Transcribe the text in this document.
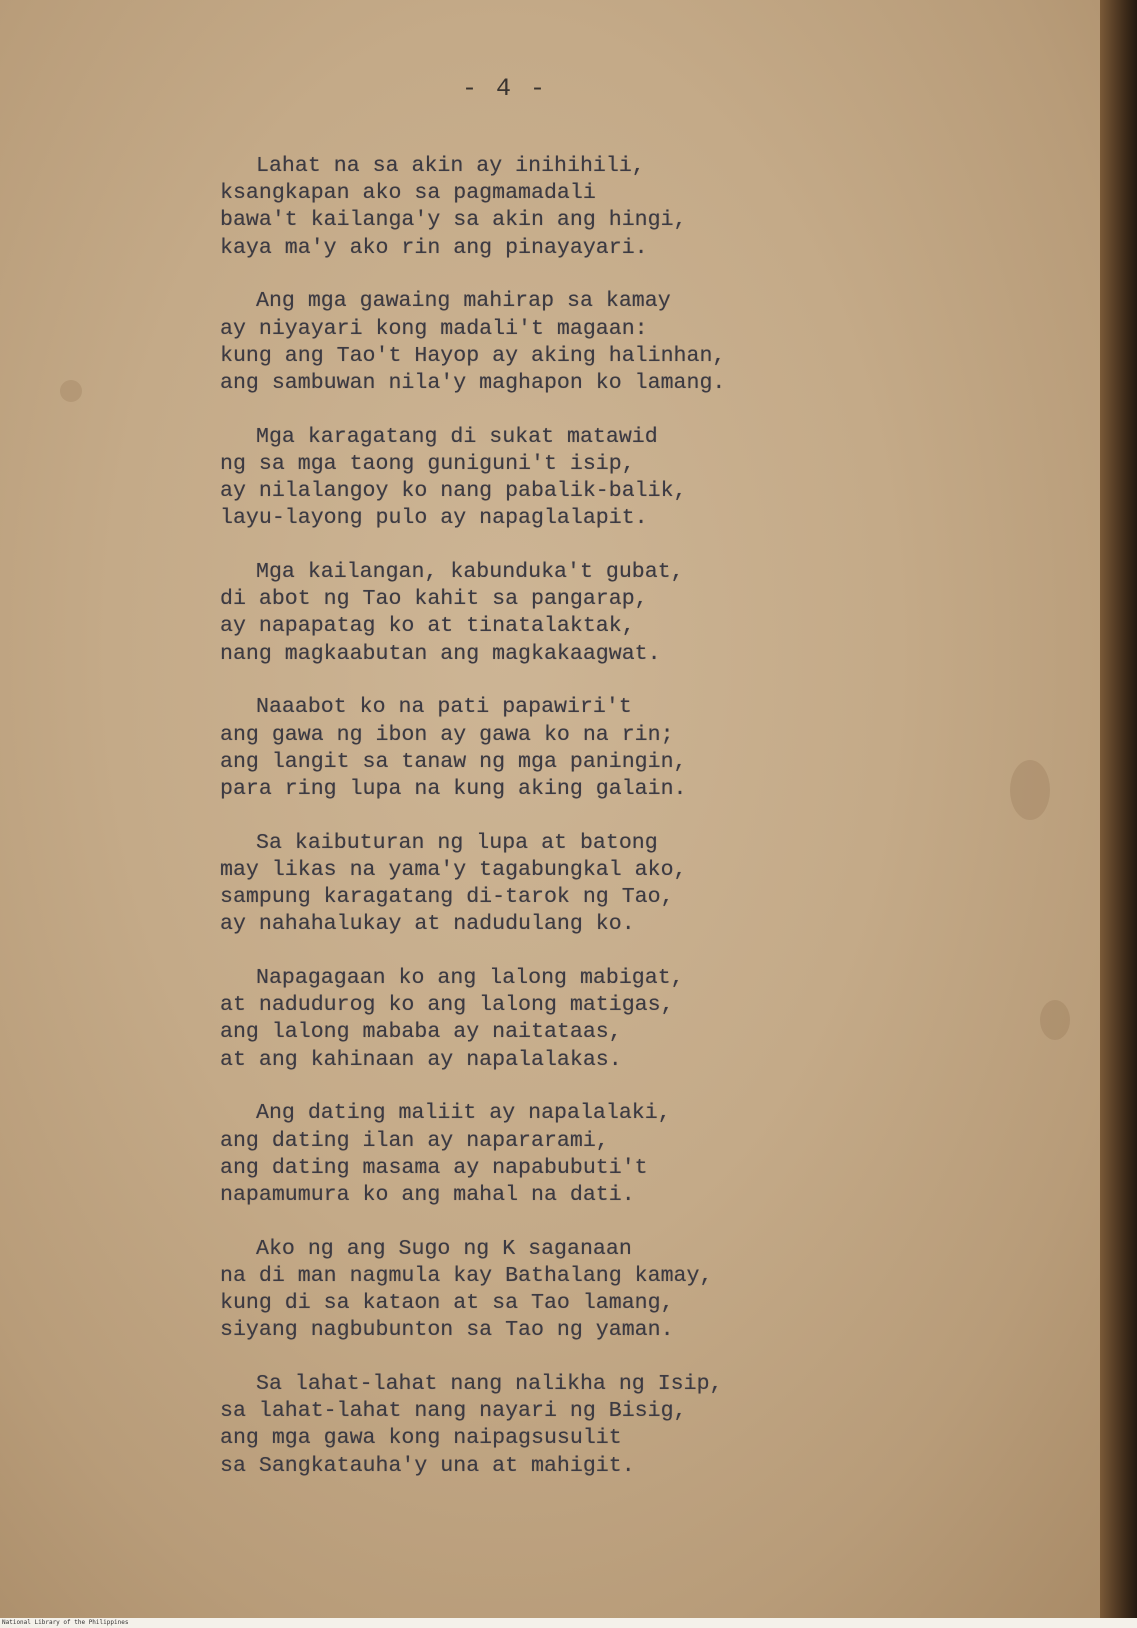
- 4 -
Lahat na sa akin ay inihihili,
ksangkapan ako sa pagmamadali
bawa't kailanga'y sa akin ang hingi,
kaya ma'y ako rin ang pinayayari.
Ang mga gawaing mahirap sa kamay
ay niyayari kong madali't magaan:
kung ang Tao't Hayop ay aking halinhan,
ang sambuwan nila'y maghapon ko lamang.
Mga karagatang di sukat matawid
ng sa mga taong guniguni't isip,
ay nilalangoy ko nang pabalik-balik,
layu-layong pulo ay napaglalapit.
Mga kailangan, kabunduka't gubat,
di abot ng Tao kahit sa pangarap,
ay napapatag ko at tinatalaktak,
nang magkaabutan ang magkakaagwat.
Naaabot ko na pati papawiri't
ang gawa ng ibon ay gawa ko na rin;
ang langit sa tanaw ng mga paningin,
para ring lupa na kung aking galain.
Sa kaibuturan ng lupa at batong
may likas na yama'y tagabungkal ako,
sampung karagatang di-tarok ng Tao,
ay nahahalukay at nadudulang ko.
Napagagaan ko ang lalong mabigat,
at nadudurog ko ang lalong matigas,
ang lalong mababa ay naitataas,
at ang kahinaan ay napalalakas.
Ang dating maliit ay napalalaki,
ang dating ilan ay napararami,
ang dating masama ay napabubuti't
napamumura ko ang mahal na dati.
Ako ng ang Sugo ng K saganaan
na di man nagmula kay Bathalang kamay,
kung di sa kataon at sa Tao lamang,
siyang nagbubunton sa Tao ng yaman.
Sa lahat-lahat nang nalikha ng Isip,
sa lahat-lahat nang nayari ng Bisig,
ang mga gawa kong naipagsusulit
sa Sangkatauha'y una at mahigit.
National Library of the Philippines
